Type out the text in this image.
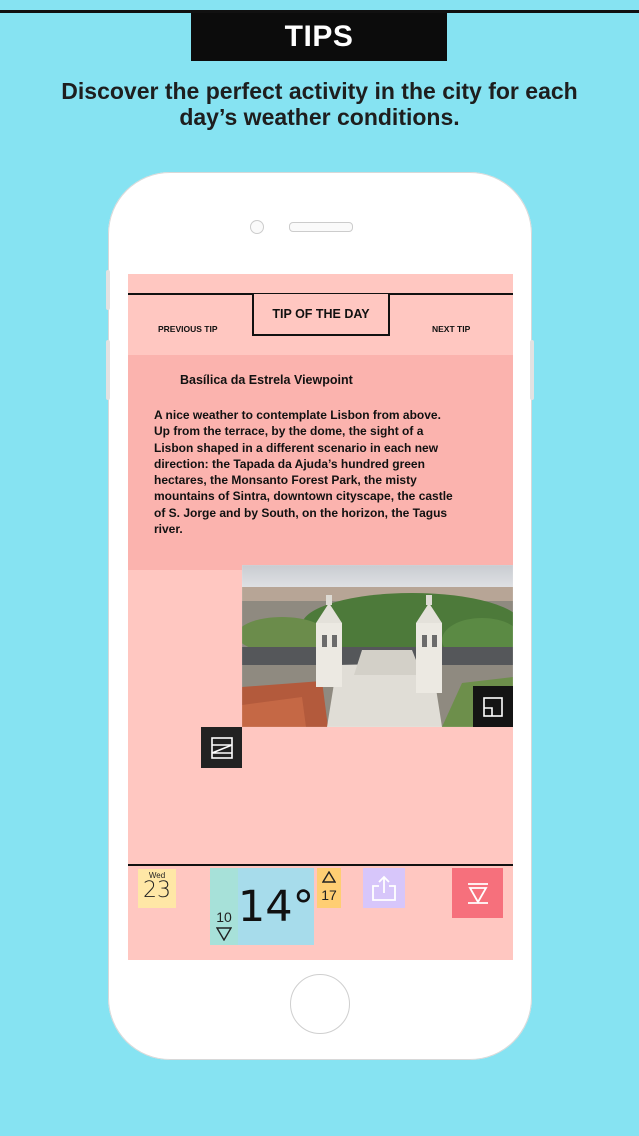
TIPS
Discover the perfect activity in the city for each day’s weather conditions.
TIP OF THE DAY
PREVIOUS TIP	NEXT TIP
Basílica da Estrela Viewpoint
A nice weather to contemplate Lisbon from above. Up from the terrace, by the dome, the sight of a Lisbon shaped in a different scenario in each new direction: the Tapada da Ajuda’s hundred green hectares, the Monsanto Forest Park, the misty mountains of Sintra, downtown cityscape, the castle of S. Jorge and by South, on the horizon, the Tagus river.
Wed
23
10 14° 17
